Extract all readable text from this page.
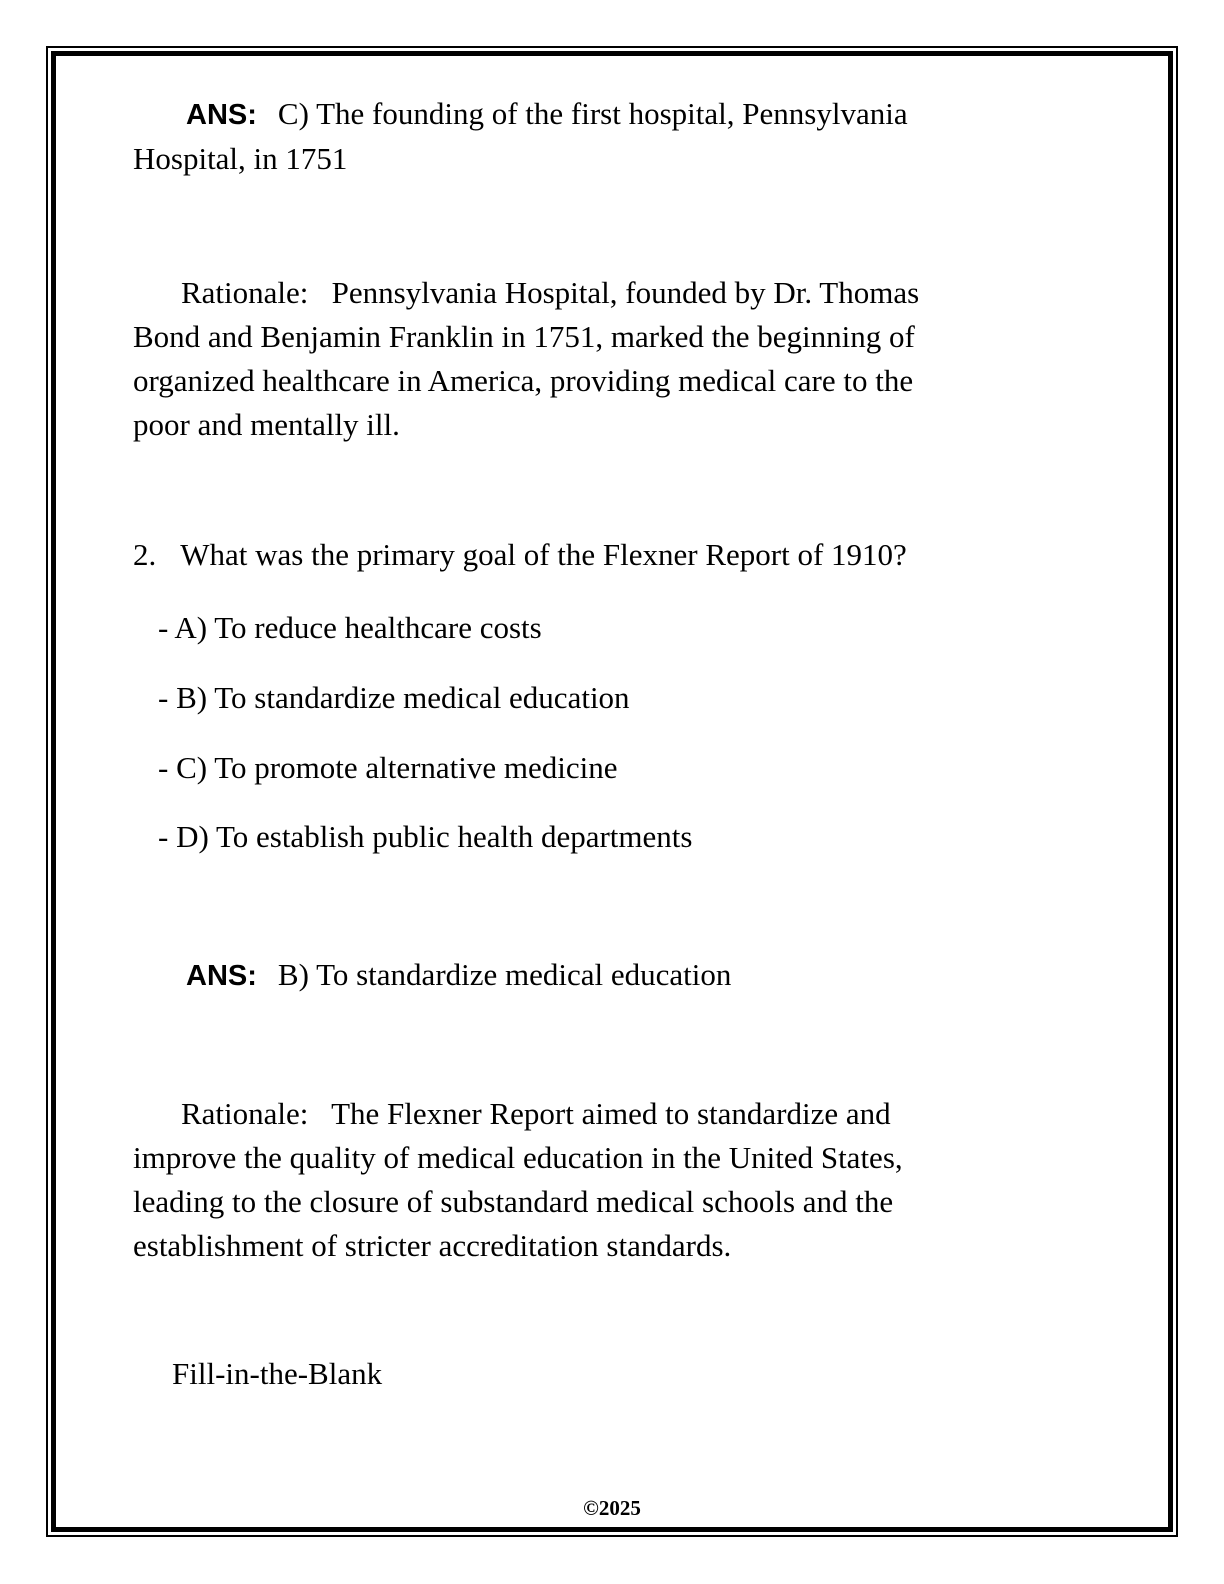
ANS: C) The founding of the first hospital, Pennsylvania
Hospital, in 1751
Rationale:   Pennsylvania Hospital, founded by Dr. Thomas
Bond and Benjamin Franklin in 1751, marked the beginning of
organized healthcare in America, providing medical care to the
poor and mentally ill.
2. What was the primary goal of the Flexner Report of 1910?
- A) To reduce healthcare costs
- B) To standardize medical education
- C) To promote alternative medicine
- D) To establish public health departments
ANS: B) To standardize medical education
Rationale:   The Flexner Report aimed to standardize and
improve the quality of medical education in the United States,
leading to the closure of substandard medical schools and the
establishment of stricter accreditation standards.
Fill-in-the-Blank
©2025
